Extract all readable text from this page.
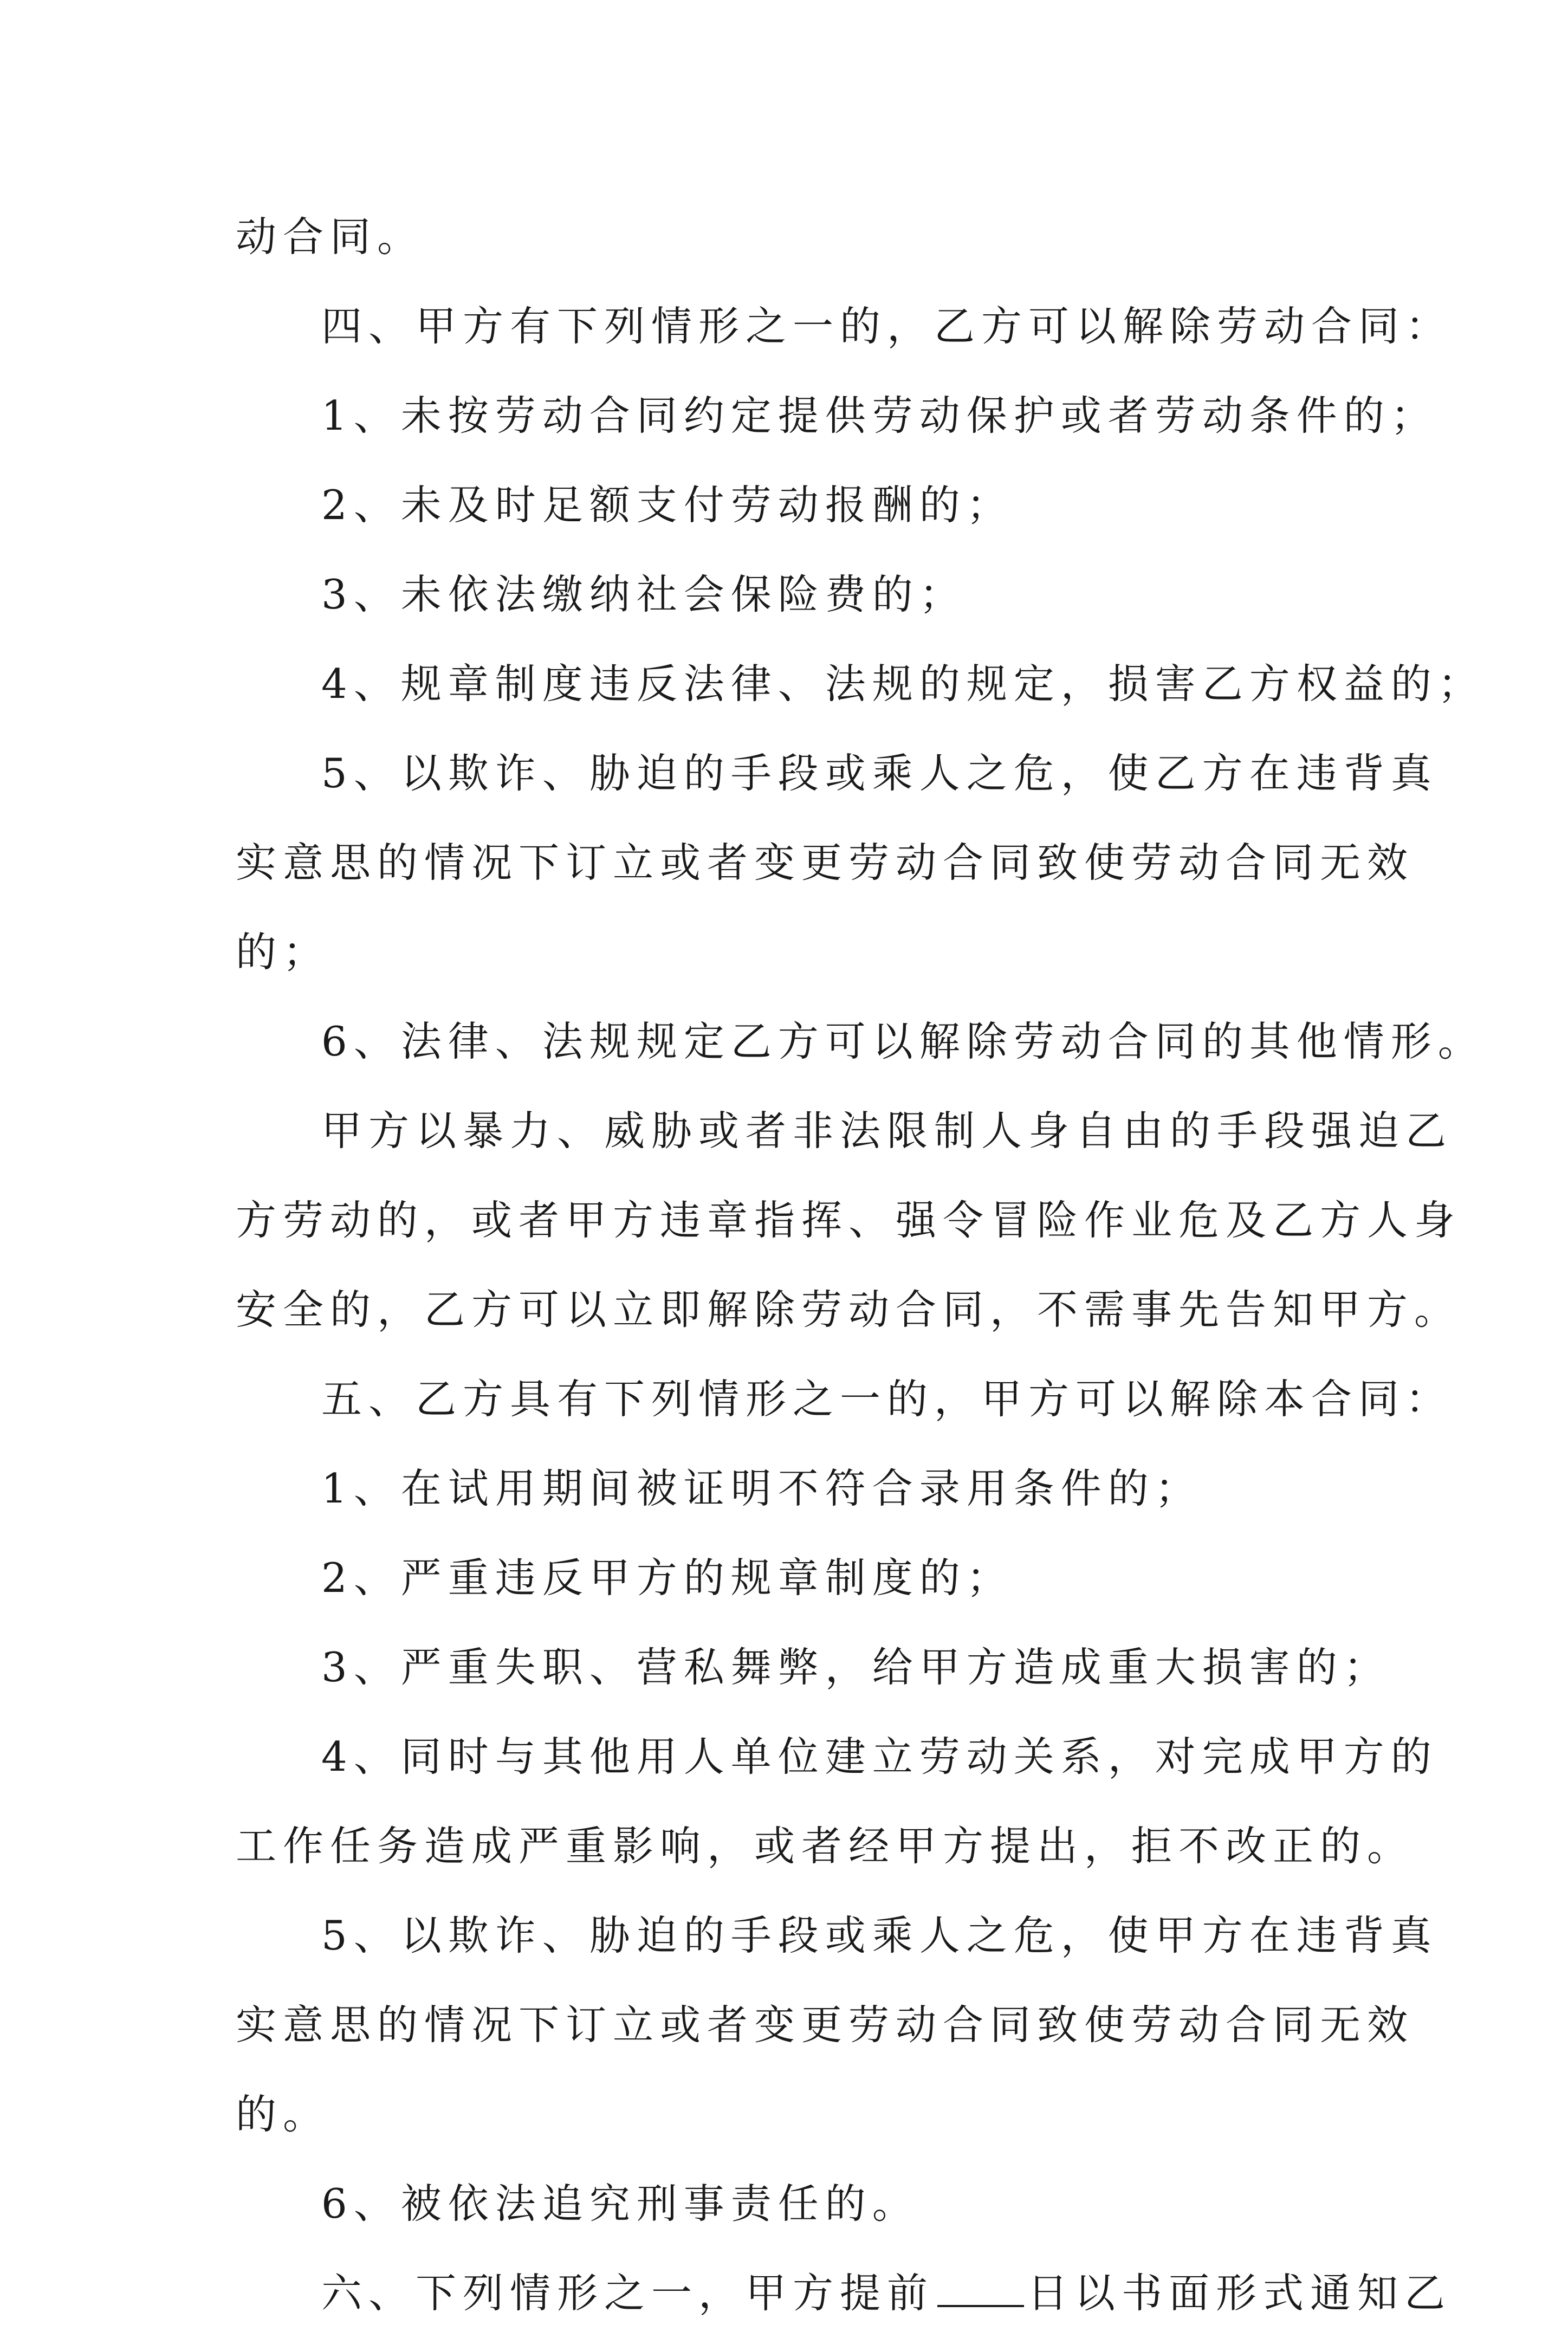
动合同。
四、甲方有下列情形之一的，乙方可以解除劳动合同：
1、未按劳动合同约定提供劳动保护或者劳动条件的；
2、未及时足额支付劳动报酬的；
3、未依法缴纳社会保险费的；
4、规章制度违反法律、法规的规定，损害乙方权益的；
5、以欺诈、胁迫的手段或乘人之危，使乙方在违背真
实意思的情况下订立或者变更劳动合同致使劳动合同无效
的；
6、法律、法规规定乙方可以解除劳动合同的其他情形。
甲方以暴力、威胁或者非法限制人身自由的手段强迫乙
方劳动的，或者甲方违章指挥、强令冒险作业危及乙方人身
安全的，乙方可以立即解除劳动合同，不需事先告知甲方。
五、乙方具有下列情形之一的，甲方可以解除本合同：
1、在试用期间被证明不符合录用条件的；
2、严重违反甲方的规章制度的；
3、严重失职、营私舞弊，给甲方造成重大损害的；
4、同时与其他用人单位建立劳动关系，对完成甲方的
工作任务造成严重影响，或者经甲方提出，拒不改正的。
5、以欺诈、胁迫的手段或乘人之危，使甲方在违背真
实意思的情况下订立或者变更劳动合同致使劳动合同无效
的。
6、被依法追究刑事责任的。
六、下列情形之一，甲方提前 日以书面形式通知乙
